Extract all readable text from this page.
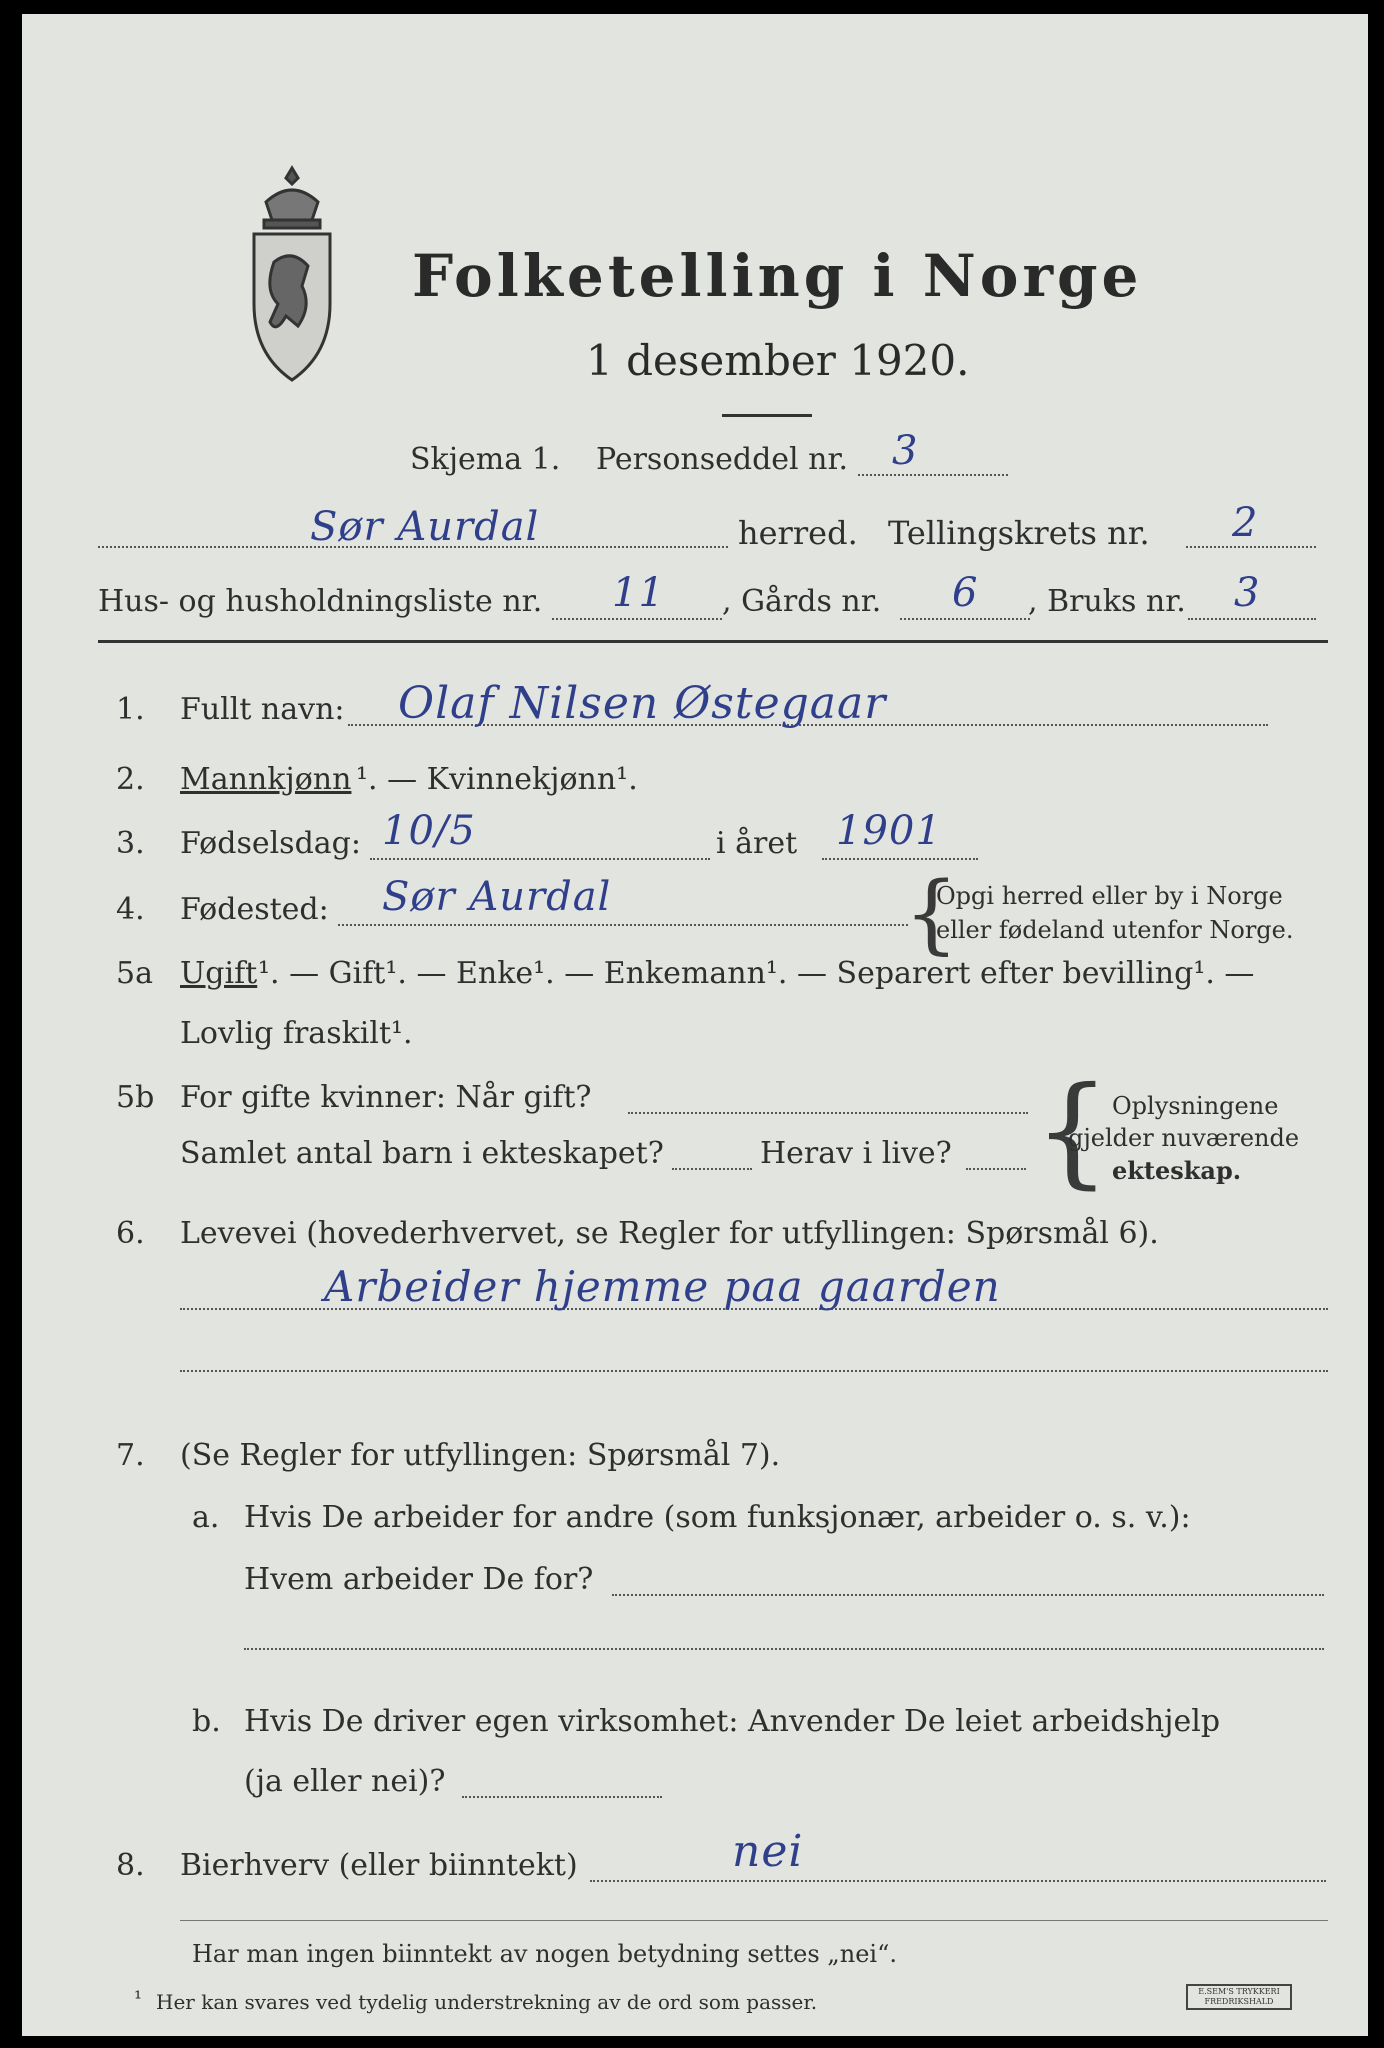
Folketelling i Norge
1 desember 1920.
Skjema 1. Personseddel nr. 3
Sør Aurdal	herred. Tellingskrets nr. 2
Hus- og husholdningsliste nr. 11 , Gårds nr. 6 , Bruks nr. 3
1. Fullt navn: Olaf Nilsen Østegaar
2. Mannkjønn ¹. — Kvinnekjønn¹.
3. Fødselsdag: 10/5	i året 1901
4. Fødested: Sør Aurdal	{
Opgi herred eller by i Norge
eller fødeland utenfor Norge.
5a Ugift ¹. — Gift¹. — Enke¹. — Enkemann¹. — Separert efter bevilling¹. —
Lovlig fraskilt¹.
5b For gifte kvinner: Når gift?
Samlet antal barn i ekteskapet?	Herav i live? { Oplysningene
gjelder nuværende
ekteskap.
6. Levevei (hovederhvervet, se Regler for utfyllingen: Spørsmål 6).
Arbeider hjemme paa gaarden
7. (Se Regler for utfyllingen: Spørsmål 7).
a. Hvis De arbeider for andre (som funksjonær, arbeider o. s. v.):
Hvem arbeider De for?
b. Hvis De driver egen virksomhet: Anvender De leiet arbeidshjelp
(ja eller nei)?
8. Bierhverv (eller biinntekt)	nei
Har man ingen biinntekt av nogen betydning settes „nei“.
¹ Her kan svares ved tydelig understrekning av de ord som passer.	E.SEM'S TRYKKERI
FREDRIKSHALD
